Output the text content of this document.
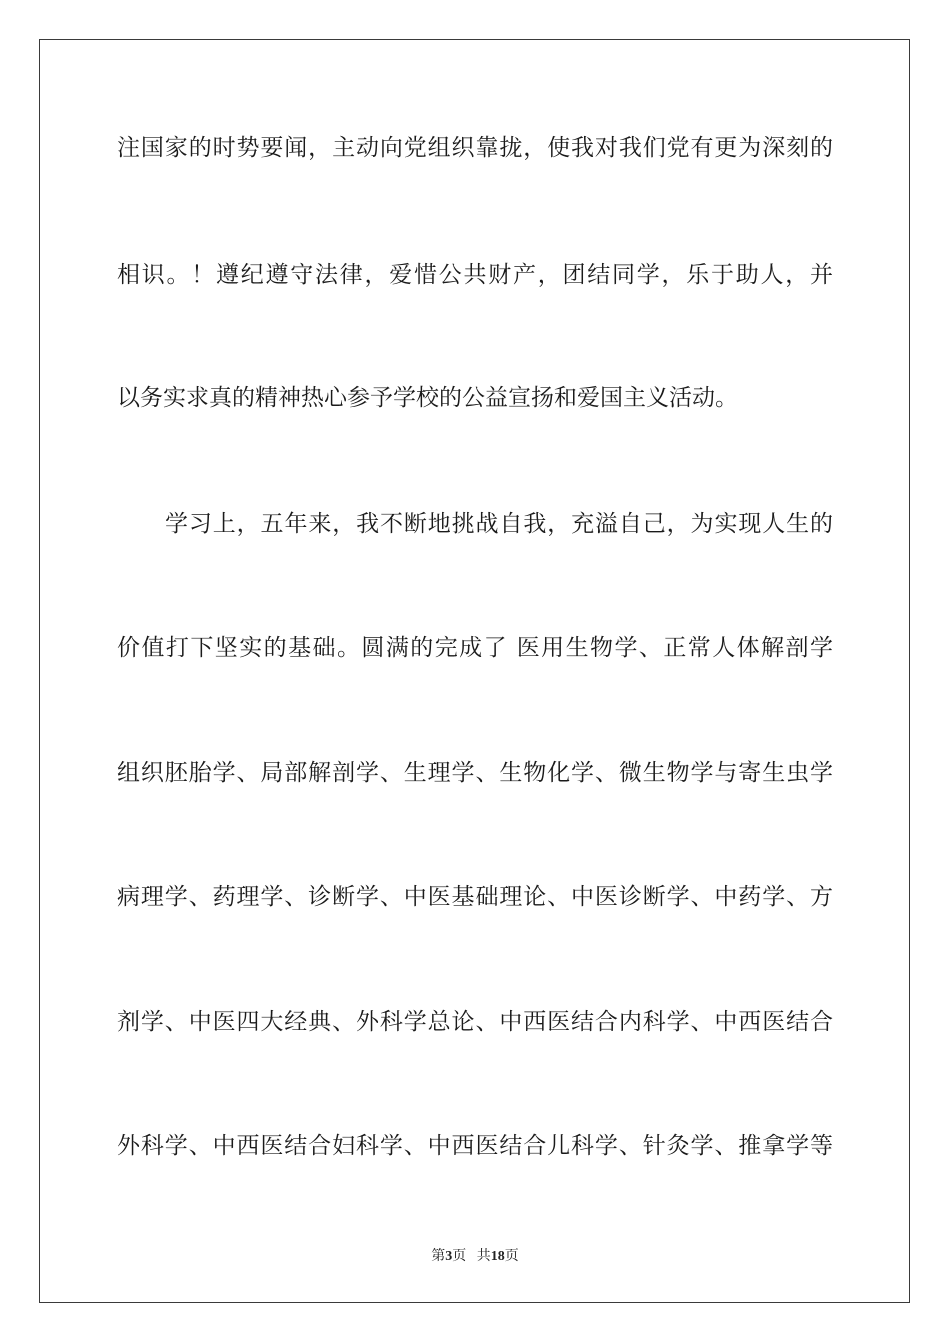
注国家的时势要闻，主动向党组织靠拢，使我对我们党有更为深刻的
相识。！遵纪遵守法律，爱惜公共财产，团结同学，乐于助人，并
以务实求真的精神热心参予学校的公益宣扬和爱国主义活动。
学习上，五年来，我不断地挑战自我，充溢自己，为实现人生的
价值打下坚实的基础。圆满的完成了 医用生物学、正常人体解剖学
组织胚胎学、局部解剖学、生理学、生物化学、微生物学与寄生虫学
病理学、药理学、诊断学、中医基础理论、中医诊断学、中药学、方
剂学、中医四大经典、外科学总论、中西医结合内科学、中西医结合
外科学、中西医结合妇科学、中西医结合儿科学、针灸学、推拿学等
第3页 共18页
